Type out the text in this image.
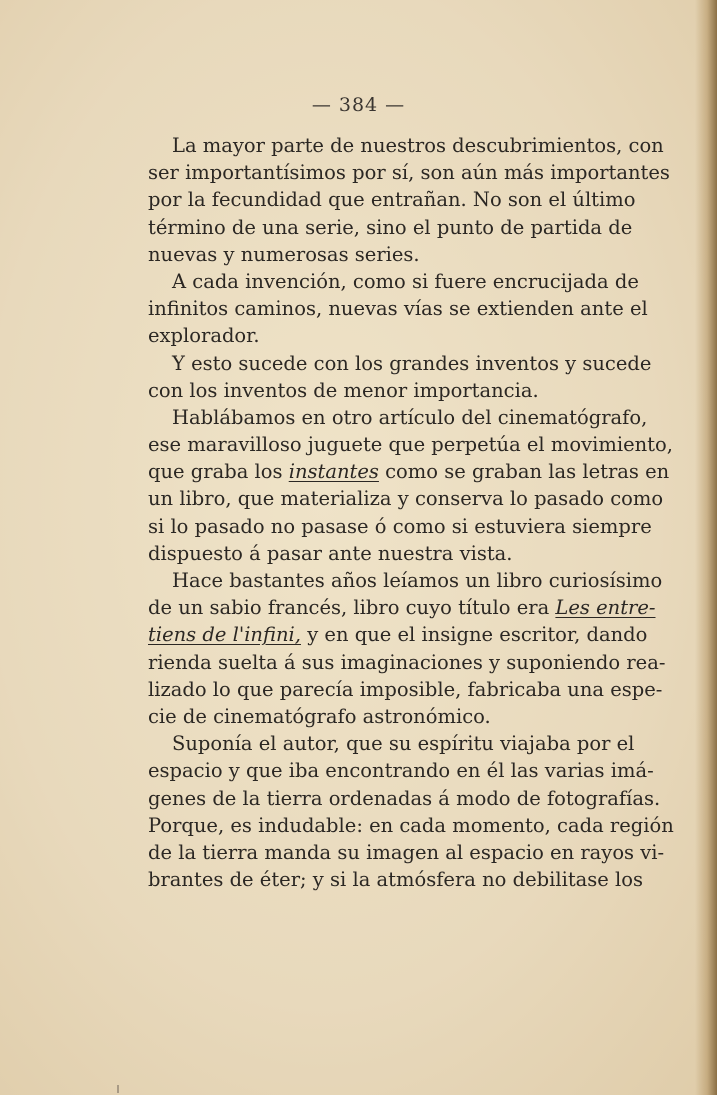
— 384 —
La mayor parte de nuestros descubrimientos, con
ser importantísimos por sí, son aún más importantes
por la fecundidad que entrañan. No son el último
término de una serie, sino el punto de partida de
nuevas y numerosas series.
A cada invención, como si fuere encrucijada de
infinitos caminos, nuevas vías se extienden ante el
explorador.
Y esto sucede con los grandes inventos y sucede
con los inventos de menor importancia.
Hablábamos en otro artículo del cinematógrafo,
ese maravilloso juguete que perpetúa el movimiento,
que graba los instantes como se graban las letras en
un libro, que materializa y conserva lo pasado como
si lo pasado no pasase ó como si estuviera siempre
dispuesto á pasar ante nuestra vista.
Hace bastantes años leíamos un libro curiosísimo
de un sabio francés, libro cuyo título era Les entre-
tiens de l'infini, y en que el insigne escritor, dando
rienda suelta á sus imaginaciones y suponiendo rea-
lizado lo que parecía imposible, fabricaba una espe-
cie de cinematógrafo astronómico.
Suponía el autor, que su espíritu viajaba por el
espacio y que iba encontrando en él las varias imá-
genes de la tierra ordenadas á modo de fotografías.
Porque, es indudable: en cada momento, cada región
de la tierra manda su imagen al espacio en rayos vi-
brantes de éter; y si la atmósfera no debilitase los
